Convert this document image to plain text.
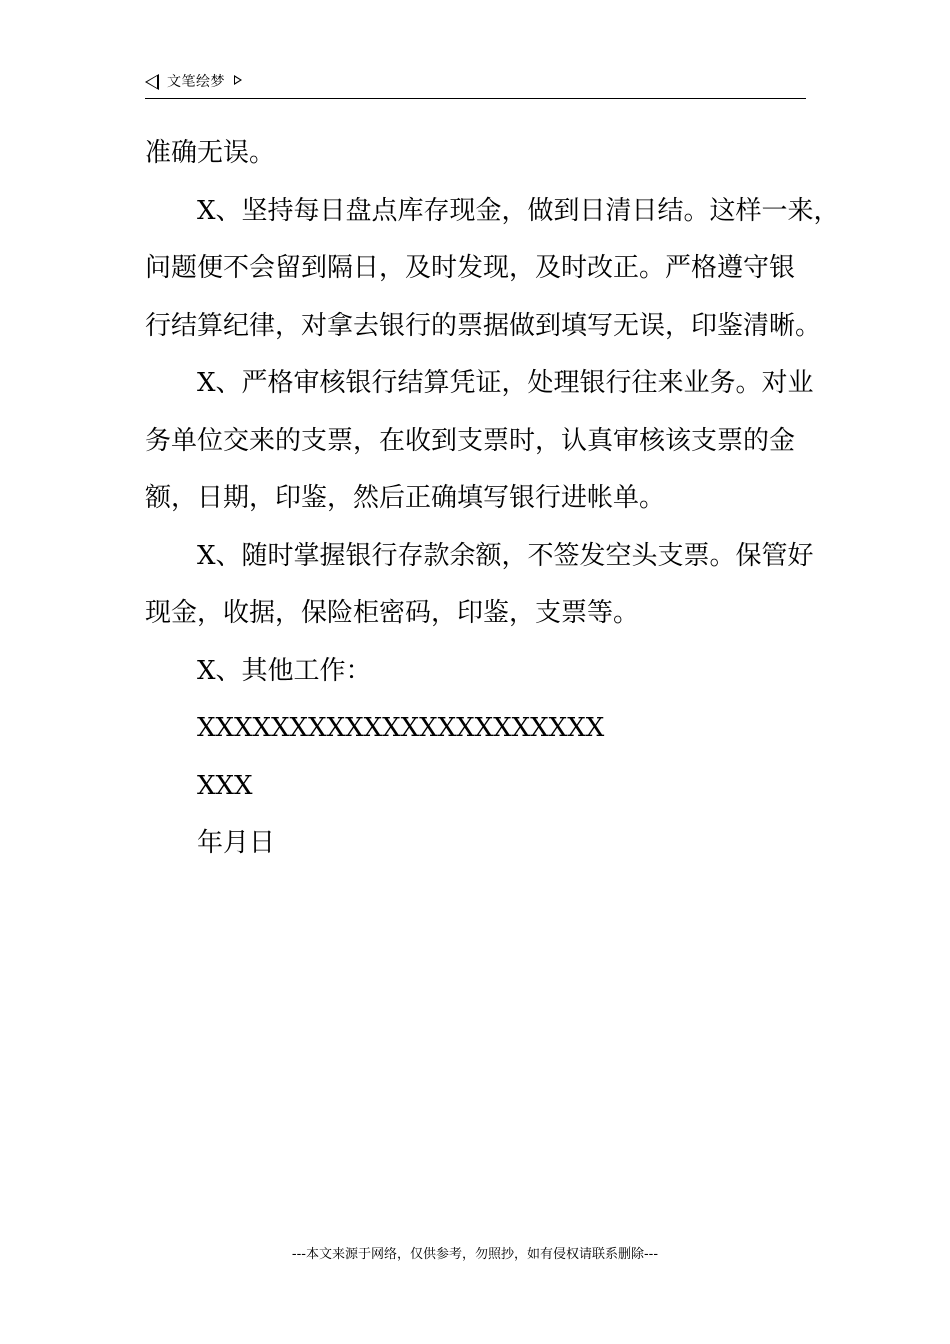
文笔绘梦

准确无误。

X、坚持每日盘点库存现金，做到日清日结。这样一来，

问题便不会留到隔日，及时发现，及时改正。严格遵守银

行结算纪律，对拿去银行的票据做到填写无误，印鉴清晰。

X、严格审核银行结算凭证，处理银行往来业务。对业

务单位交来的支票，在收到支票时，认真审核该支票的金

额，日期，印鉴，然后正确填写银行进帐单。

X、随时掌握银行存款余额，不签发空头支票。保管好

现金，收据，保险柜密码，印鉴，支票等。

X、其他工作：

XXXXXXXXXXXXXXXXXXXXXX

XXX

年月日

---本文来源于网络，仅供参考，勿照抄，如有侵权请联系删除---
